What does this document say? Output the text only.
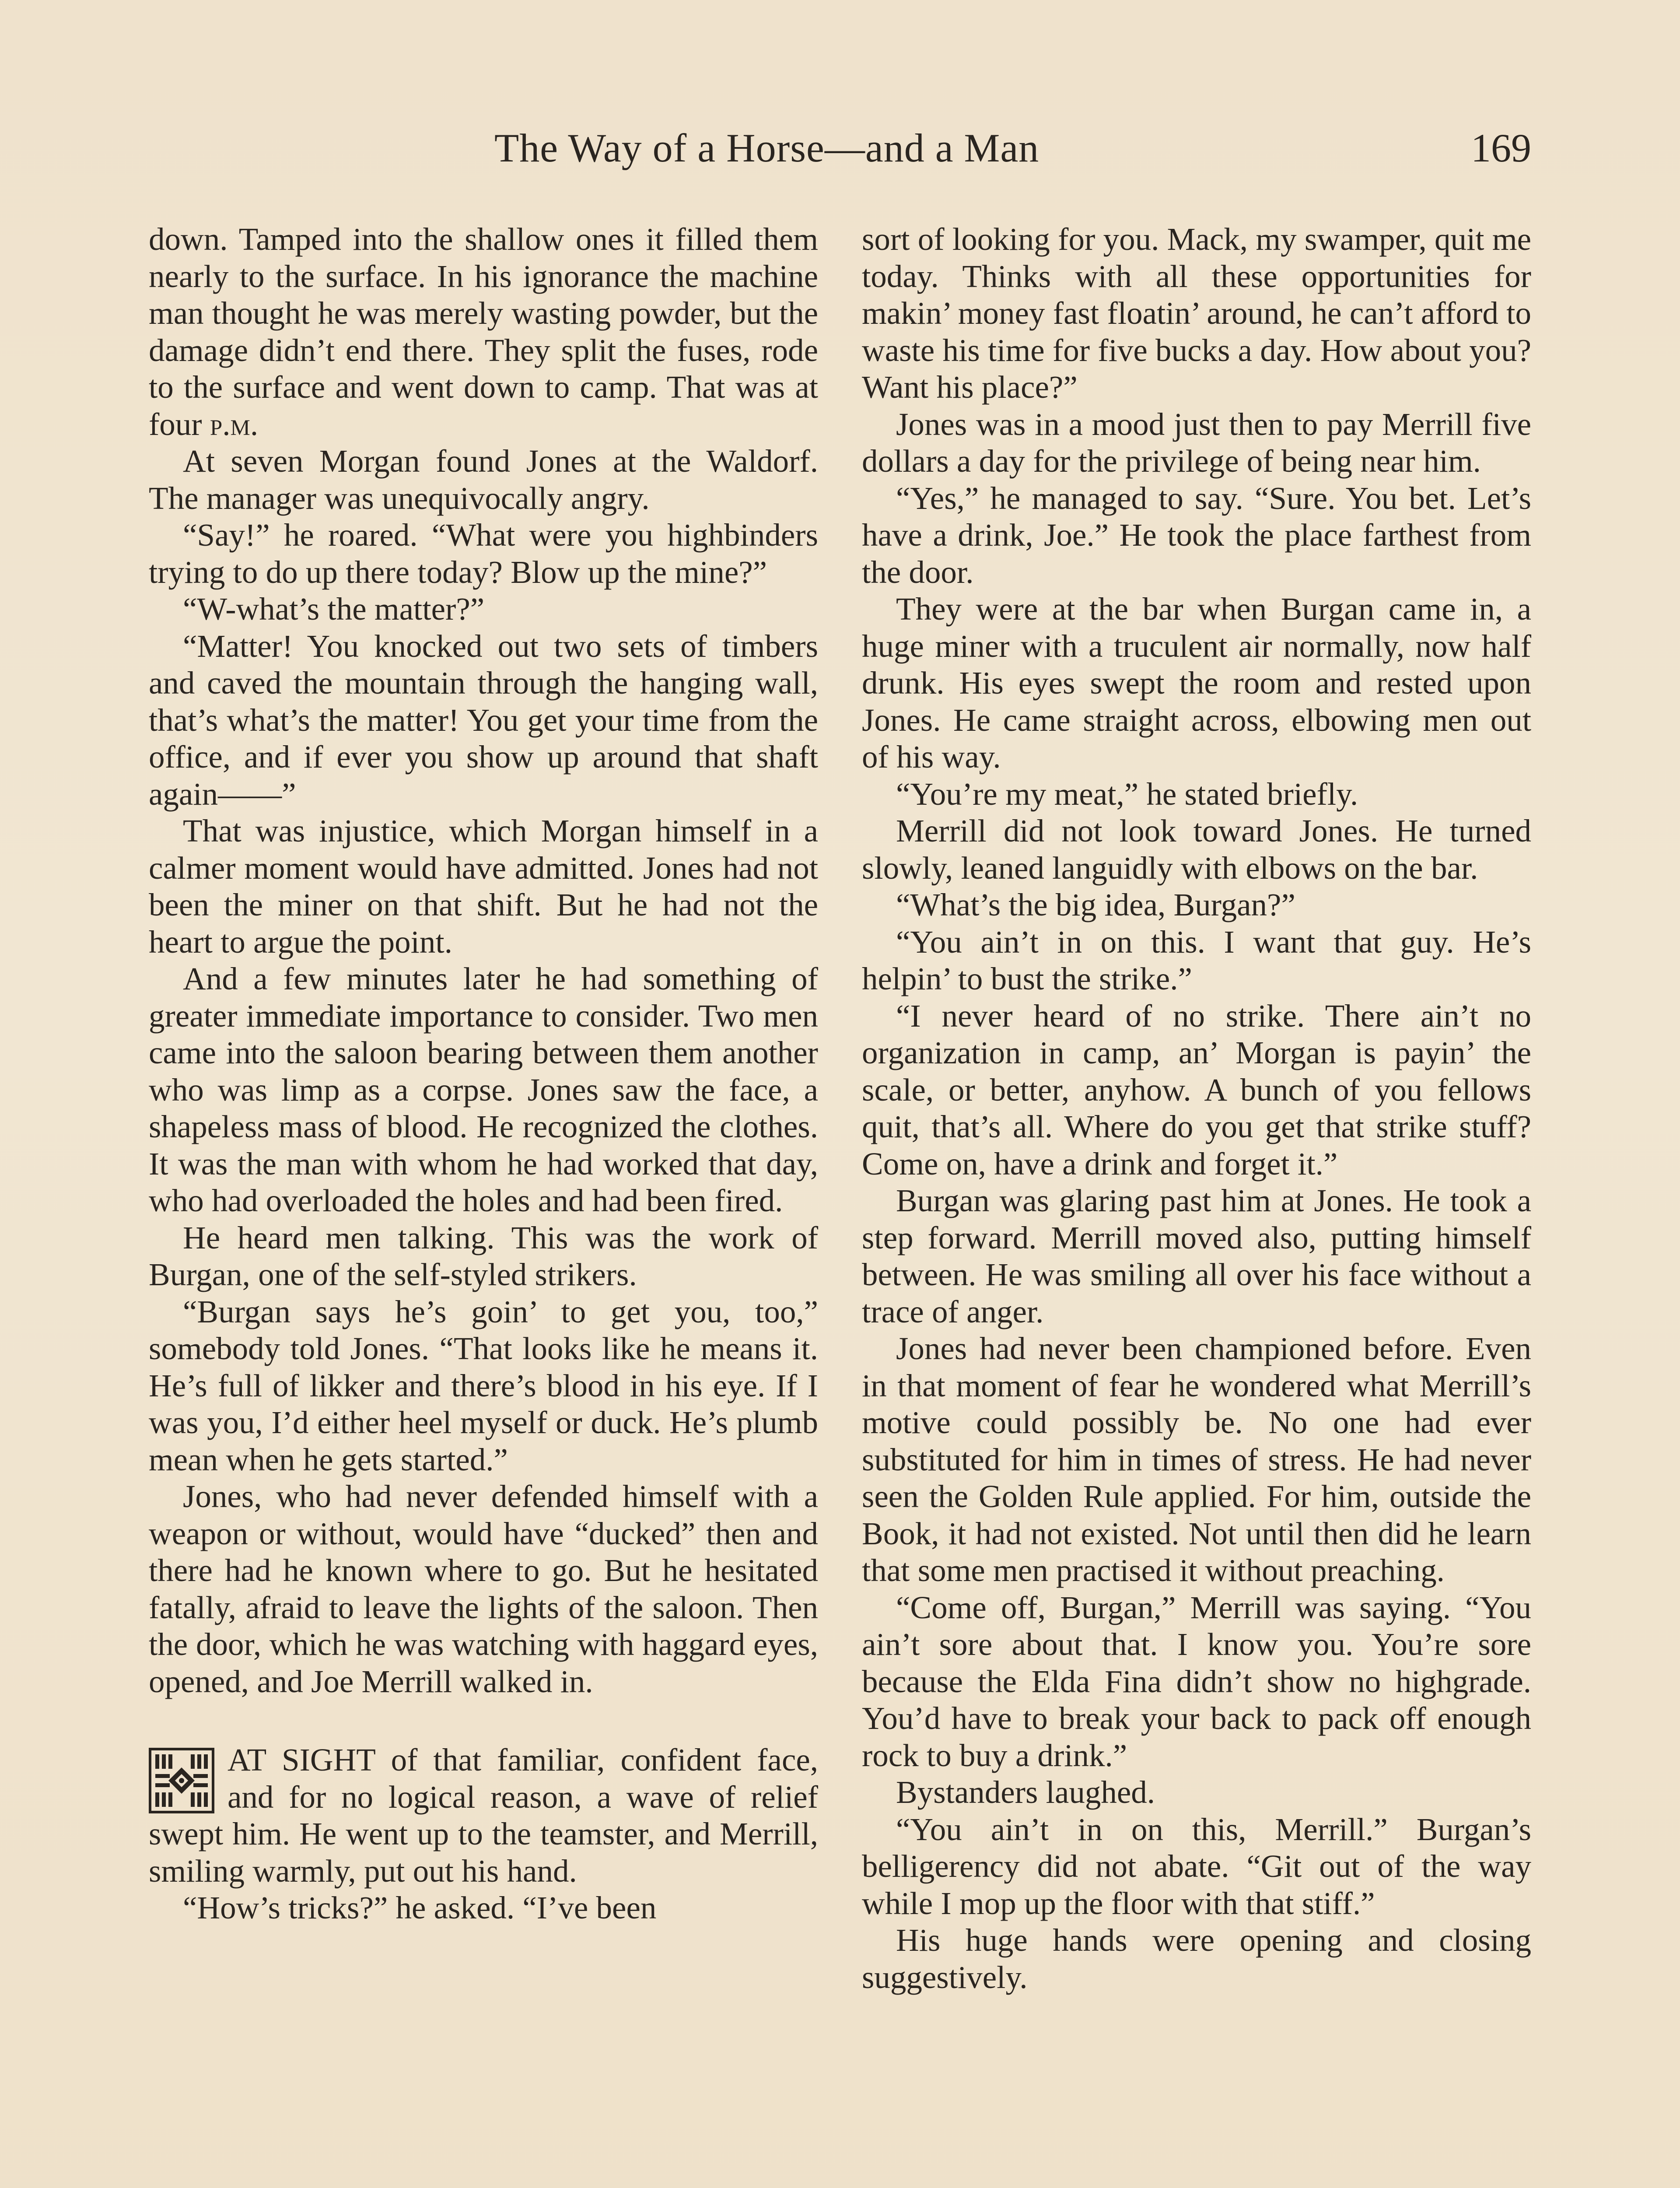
The Way of a Horse—and a Man	169

down. Tamped into the shallow ones it filled them nearly to the surface. In his ignorance the machine man thought he was merely wasting powder, but the damage didn’t end there. They split the fuses, rode to the surface and went down to camp. That was at four p.m.

At seven Morgan found Jones at the Waldorf. The manager was unequivocally angry.

“Say!” he roared. “What were you highbinders trying to do up there today? Blow up the mine?”

“W-what’s the matter?”

“Matter! You knocked out two sets of timbers and caved the mountain through the hanging wall, that’s what’s the matter! You get your time from the office, and if ever you show up around that shaft again——”

That was injustice, which Morgan himself in a calmer moment would have admitted. Jones had not been the miner on that shift. But he had not the heart to argue the point.

And a few minutes later he had something of greater immediate importance to consider. Two men came into the saloon bearing between them another who was limp as a corpse. Jones saw the face, a shapeless mass of blood. He recognized the clothes. It was the man with whom he had worked that day, who had overloaded the holes and had been fired.

He heard men talking. This was the work of Burgan, one of the self-styled strikers.

“Burgan says he’s goin’ to get you, too,” somebody told Jones. “That looks like he means it. He’s full of likker and there’s blood in his eye. If I was you, I’d either heel myself or duck. He’s plumb mean when he gets started.”

Jones, who had never defended himself with a weapon or without, would have “ducked” then and there had he known where to go. But he hesitated fatally, afraid to leave the lights of the saloon. Then the door, which he was watching with haggard eyes, opened, and Joe Merrill walked in.

AT SIGHT of that familiar, confident face, and for no logical reason, a wave of relief swept him. He went up to the teamster, and Merrill, smiling warmly, put out his hand.

“How’s tricks?” he asked. “I’ve been

sort of looking for you. Mack, my swamper, quit me today. Thinks with all these opportunities for makin’ money fast floatin’ around, he can’t afford to waste his time for five bucks a day. How about you? Want his place?”

Jones was in a mood just then to pay Merrill five dollars a day for the privilege of being near him.

“Yes,” he managed to say. “Sure. You bet. Let’s have a drink, Joe.” He took the place farthest from the door.

They were at the bar when Burgan came in, a huge miner with a truculent air normally, now half drunk. His eyes swept the room and rested upon Jones. He came straight across, elbowing men out of his way.

“You’re my meat,” he stated briefly.

Merrill did not look toward Jones. He turned slowly, leaned languidly with elbows on the bar.

“What’s the big idea, Burgan?”

“You ain’t in on this. I want that guy. He’s helpin’ to bust the strike.”

“I never heard of no strike. There ain’t no organization in camp, an’ Morgan is payin’ the scale, or better, anyhow. A bunch of you fellows quit, that’s all. Where do you get that strike stuff? Come on, have a drink and forget it.”

Burgan was glaring past him at Jones. He took a step forward. Merrill moved also, putting himself between. He was smiling all over his face without a trace of anger.

Jones had never been championed before. Even in that moment of fear he wondered what Merrill’s motive could possibly be. No one had ever substituted for him in times of stress. He had never seen the Golden Rule applied. For him, outside the Book, it had not existed. Not until then did he learn that some men practised it without preaching.

“Come off, Burgan,” Merrill was saying. “You ain’t sore about that. I know you. You’re sore because the Elda Fina didn’t show no highgrade. You’d have to break your back to pack off enough rock to buy a drink.”

Bystanders laughed.

“You ain’t in on this, Merrill.” Burgan’s belligerency did not abate. “Git out of the way while I mop up the floor with that stiff.”

His huge hands were opening and closing suggestively.
